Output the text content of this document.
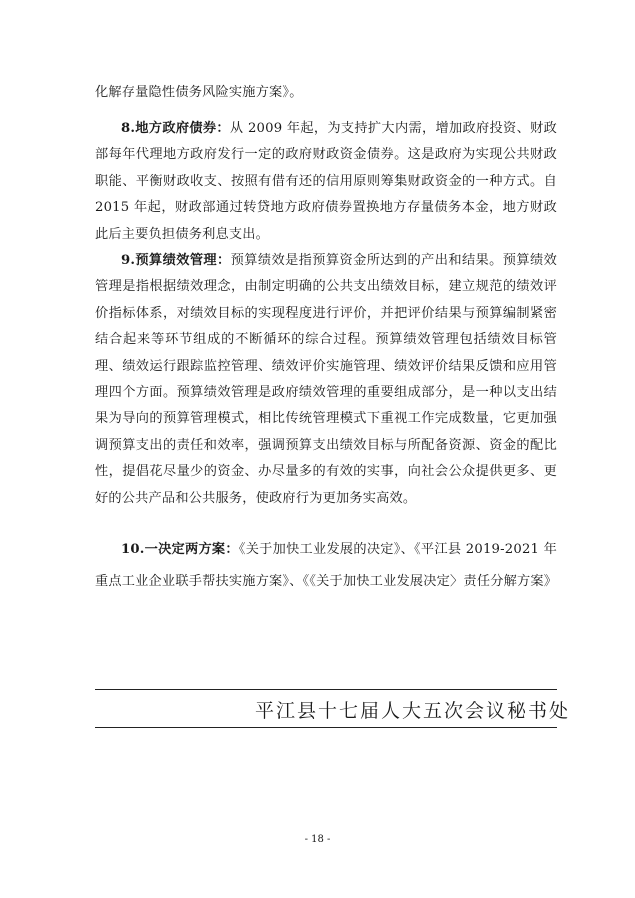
化解存量隐性债务风险实施方案》。

8.地方政府债券：从 2009 年起，为支持扩大内需，增加政府投资、财政部每年代理地方政府发行一定的政府财政资金债券。这是政府为实现公共财政职能、平衡财政收支、按照有借有还的信用原则筹集财政资金的一种方式。自 2015 年起，财政部通过转贷地方政府债券置换地方存量债务本金，地方财政此后主要负担债务利息支出。

9.预算绩效管理：预算绩效是指预算资金所达到的产出和结果。预算绩效管理是指根据绩效理念，由制定明确的公共支出绩效目标，建立规范的绩效评价指标体系，对绩效目标的实现程度进行评价，并把评价结果与预算编制紧密结合起来等环节组成的不断循环的综合过程。预算绩效管理包括绩效目标管理、绩效运行跟踪监控管理、绩效评价实施管理、绩效评价结果反馈和应用管理四个方面。预算绩效管理是政府绩效管理的重要组成部分，是一种以支出结果为导向的预算管理模式，相比传统管理模式下重视工作完成数量，它更加强调预算支出的责任和效率，强调预算支出绩效目标与所配备资源、资金的配比性，提倡花尽量少的资金、办尽量多的有效的实事，向社会公众提供更多、更好的公共产品和公共服务，使政府行为更加务实高效。

10.一决定两方案：《关于加快工业发展的决定》、《平江县 2019-2021 年重点工业企业联手帮扶实施方案》、《《关于加快工业发展决定〉责任分解方案》

平江县十七届人大五次会议秘书处
- 18 -
